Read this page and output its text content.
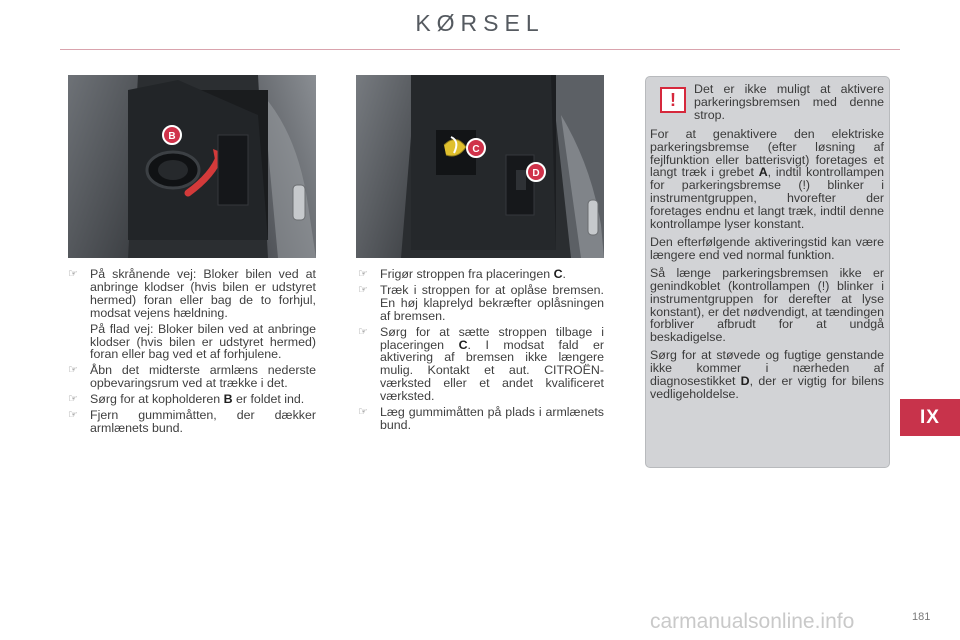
KØRSEL
B
C
D
☞ På skrånende vej: Bloker bilen ved at anbringe klodser (hvis bilen er udstyret hermed) foran eller bag de to forhjul, modsat vejens hældning.
På flad vej: Bloker bilen ved at anbringe klodser (hvis bilen er udstyret hermed) foran eller bag ved et af forhjulene.
☞ Åbn det midterste armlæns nederste opbevaringsrum ved at trække i det.
☞ Sørg for at kopholderen B er foldet ind.
☞ Fjern gummimåtten, der dækker armlænets bund.
☞ Frigør stroppen fra placeringen C.
☞ Træk i stroppen for at oplåse bremsen. En høj klaprelyd bekræfter oplåsningen af bremsen.
☞ Sørg for at sætte stroppen tilbage i placeringen C. I modsat fald er aktivering af bremsen ikke længere mulig. Kontakt et aut. CITROËN-værksted eller et andet kvalificeret værksted.
☞ Læg gummimåtten på plads i armlænets bund.
!

Det er ikke muligt at aktivere parkeringsbremsen med denne strop.

For at genaktivere den elektriske parkeringsbremse (efter løsning af fejlfunktion eller batterisvigt) foretages et langt træk i grebet A, indtil kontrollampen for parkeringsbremse (!) blinker i instrumentgruppen, hvorefter der foretages endnu et langt træk, indtil denne kontrollampe lyser konstant.

Den efterfølgende aktiveringstid kan være længere end ved normal funktion.

Så længe parkeringsbremsen ikke er genindkoblet (kontrollampen (!) blinker i instrumentgruppen for derefter at lyse konstant), er det nødvendigt, at tændingen forbliver afbrudt for at undgå beskadigelse.

Sørg for at støvede og fugtige genstande ikke kommer i nærheden af diagnosestikket D, der er vigtig for bilens vedligeholdelse.

IX
carmanualsonline.info	181
